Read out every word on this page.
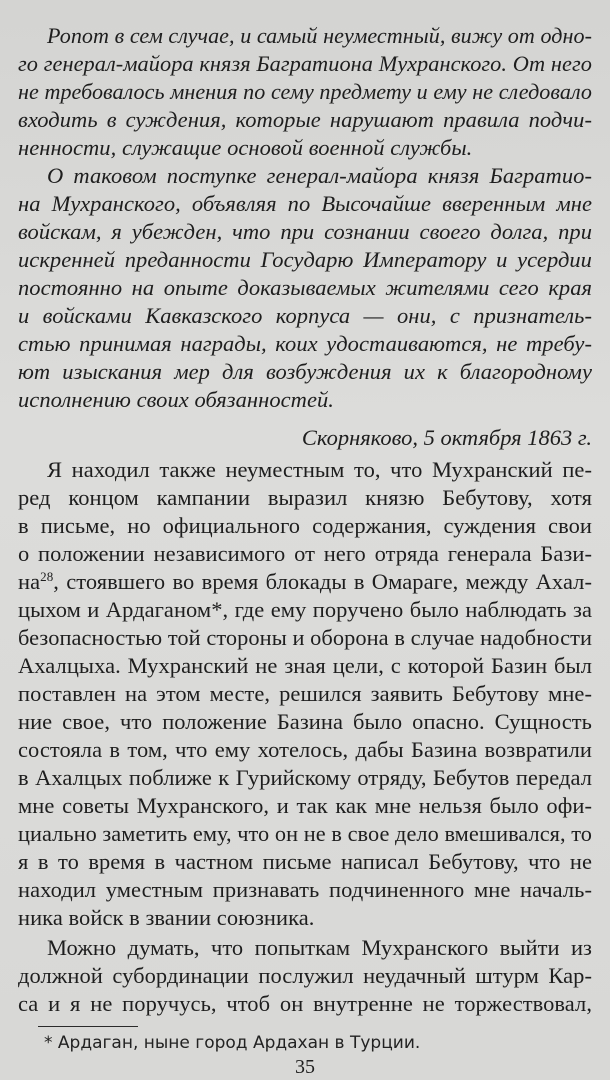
Ропот в сем случае, и самый неуместный, вижу от одно-
го генерал-майора князя Багратиона Мухранского. От него
не требовалось мнения по сему предмету и ему не следовало
входить в суждения, которые нарушают правила подчи-
ненности, служащие основой военной службы.
О таковом поступке генерал-майора князя Багратио-
на Мухранского, объявляя по Высочайше вверенным мне
войскам, я убежден, что при сознании своего долга, при
искренней преданности Государю Императору и усердии
постоянно на опыте доказываемых жителями сего края
и войсками Кавказского корпуса — они, с признатель-
стью принимая награды, коих удостаиваются, не требу-
ют изыскания мер для возбуждения их к благородному
исполнению своих обязанностей.
Скорняково, 5 октября 1863 г.
Я находил также неуместным то, что Мухранский пе-
ред концом кампании выразил князю Бебутову, хотя
в письме, но официального содержания, суждения свои
о положении независимого от него отряда генерала Бази-
$на^{28}$, стоявшего во время блокады в Омараге, между Ахал-
цыхом и Ардаганом*, где ему поручено было наблюдать за
безопасностью той стороны и оборона в случае надобности
Ахалцыха. Мухранский не зная цели, с которой Базин был
поставлен на этом месте, решился заявить Бебутову мне-
ние свое, что положение Базина было опасно. Сущность
состояла в том, что ему хотелось, дабы Базина возвратили
в Ахалцых поближе к Гурийскому отряду, Бебутов передал
мне советы Мухранского, и так как мне нельзя было офи-
циально заметить ему, что он не в свое дело вмешивался, то
я в то время в частном письме написал Бебутову, что не
находил уместным признавать подчиненного мне началь-
ника войск в звании союзника.
Можно думать, что попыткам Мухранского выйти из
должной субординации послужил неудачный штурм Кар-
са и я не поручусь, чтоб он внутренне не торжествовал,
* Ардаган, ныне город Ардахан в Турции.
35
